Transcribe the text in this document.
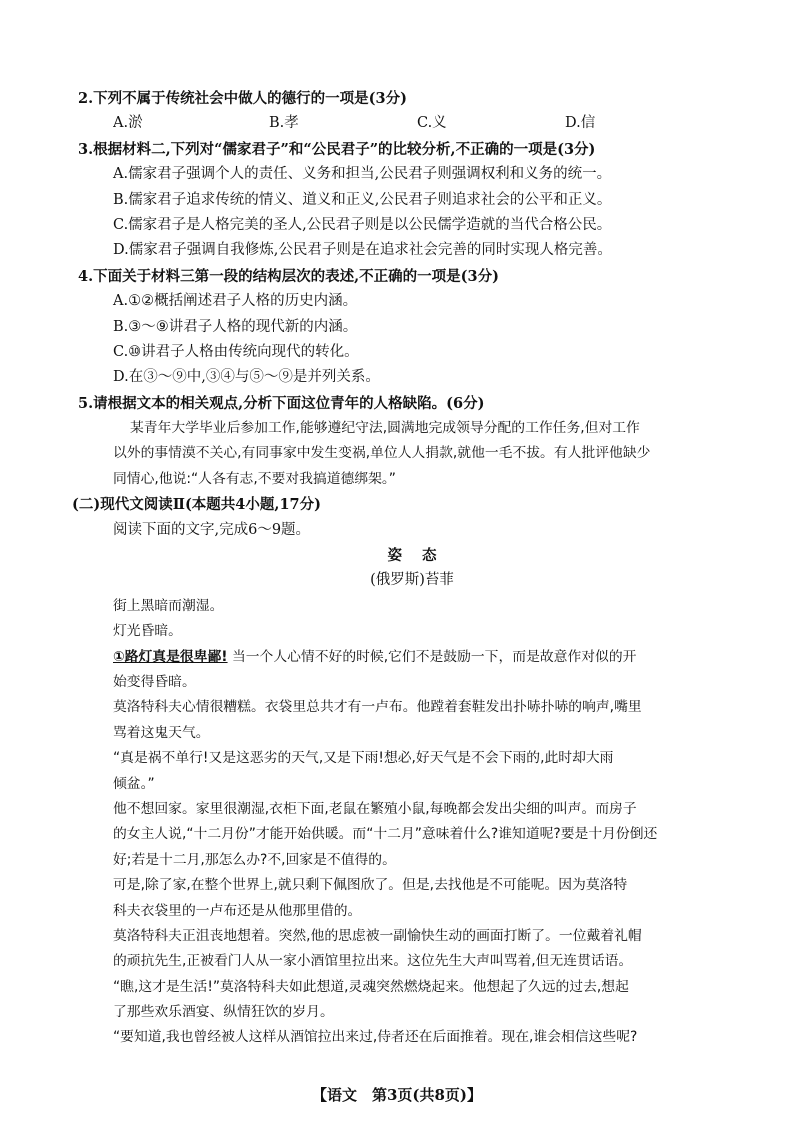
2.下列不属于传统社会中做人的德行的一项是(3分)
A.淤	B.孝	C.义	D.信
3.根据材料二,下列对“儒家君子”和“公民君子”的比较分析,不正确的一项是(3分)
A.儒家君子强调个人的责任、义务和担当,公民君子则强调权利和义务的统一。
B.儒家君子追求传统的情义、道义和正义,公民君子则追求社会的公平和正义。
C.儒家君子是人格完美的圣人,公民君子则是以公民儒学造就的当代合格公民。
D.儒家君子强调自我修炼,公民君子则是在追求社会完善的同时实现人格完善。
4.下面关于材料三第一段的结构层次的表述,不正确的一项是(3分)
A.①②概括阐述君子人格的历史内涵。
B.③～⑨讲君子人格的现代新的内涵。
C.⑩讲君子人格由传统向现代的转化。
D.在③～⑨中,③④与⑤～⑨是并列关系。
5.请根据文本的相关观点,分析下面这位青年的人格缺陷。(6分)
某青年大学毕业后参加工作,能够遵纪守法,圆满地完成领导分配的工作任务,但对工作
以外的事情漠不关心,有同事家中发生变祸,单位人人捐款,就他一毛不拔。有人批评他缺少
同情心,他说:“人各有志,不要对我搞道德绑架。”
(二)现代文阅读Ⅱ(本题共4小题,17分)
阅读下面的文字,完成6～9题。
姿态
(俄罗斯)苔菲
街上黑暗而潮湿。
灯光昏暗。
①路灯真是很卑鄙! 当一个人心情不好的时候,它们不是鼓励一下，而是故意作对似的开
始变得昏暗。
莫洛特科夫心情很糟糕。衣袋里总共才有一卢布。他蹚着套鞋发出扑哧扑哧的响声,嘴里
骂着这鬼天气。
“真是祸不单行!又是这恶劣的天气,又是下雨!想必,好天气是不会下雨的,此时却大雨
倾盆。”
他不想回家。家里很潮湿,衣柜下面,老鼠在繁殖小鼠,每晚都会发出尖细的叫声。而房子
的女主人说,“十二月份”才能开始供暖。而“十二月”意味着什么?谁知道呢?要是十月份倒还
好;若是十二月,那怎么办?不,回家是不值得的。
可是,除了家,在整个世界上,就只剩下佩图欣了。但是,去找他是不可能呢。因为莫洛特
科夫衣袋里的一卢布还是从他那里借的。
莫洛特科夫正沮丧地想着。突然,他的思虑被一副愉快生动的画面打断了。一位戴着礼帽
的顽抗先生,正被看门人从一家小酒馆里拉出来。这位先生大声叫骂着,但无连贯话语。
“瞧,这才是生活!”莫洛特科夫如此想道,灵魂突然燃烧起来。他想起了久远的过去,想起
了那些欢乐酒宴、纵情狂饮的岁月。
“要知道,我也曾经被人这样从酒馆拉出来过,侍者还在后面推着。现在,谁会相信这些呢?
【语文　第3页(共8页)】
